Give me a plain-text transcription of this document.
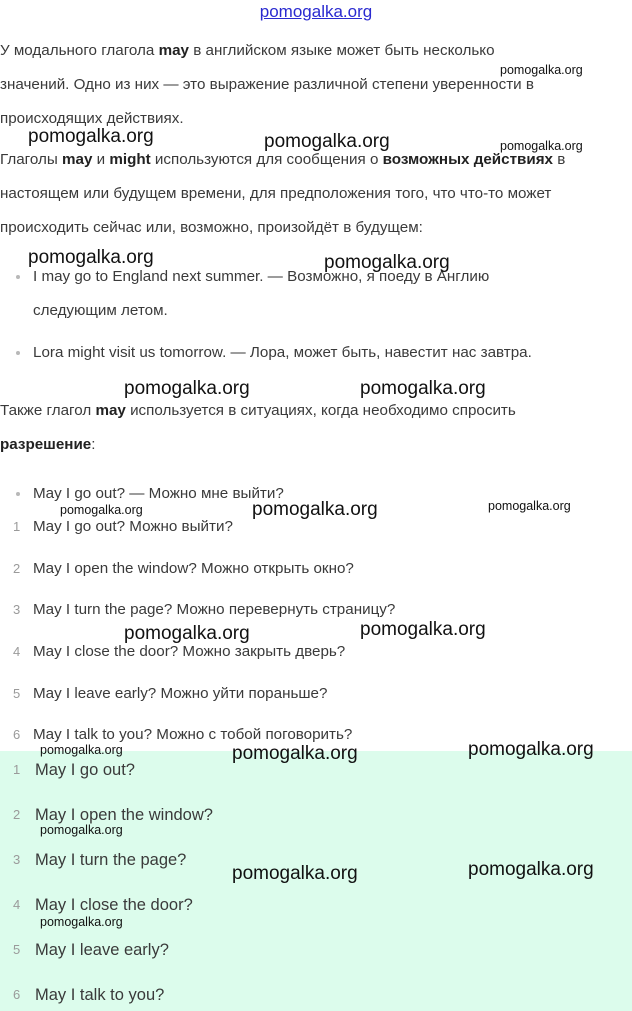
pomogalka.org

У модального глагола may в английском языке может быть несколько

значений. Одно из них — это выражение различной степени уверенности в

происходящих действиях.

Глаголы may и might используются для сообщения о возможных действиях в

настоящем или будущем времени, для предположения того, что что-то может

происходить сейчас или, возможно, произойдёт в будущем:

I may go to England next summer. — Возможно, я поеду в Англию
следующим летом.
Lora might visit us tomorrow. — Лора, может быть, навестит нас завтра.

Также глагол may используется в ситуациях, когда необходимо спросить

разрешение:

May I go out? — Можно мне выйти?
1 May I go out? Можно выйти?
2 May I open the window? Можно открыть окно?
3 May I turn the page? Можно перевернуть страницу?
4 May I close the door? Можно закрыть дверь?
5 May I leave early? Можно уйти пораньше?
6 May I talk to you? Можно с тобой поговорить?
1 May I go out?
2 May I open the window?
3 May I turn the page?
4 May I close the door?
5 May I leave early?
6 May I talk to you?
pomogalka.org
pomogalka.org	pomogalka.org	pomogalka.org
pomogalka.org	pomogalka.org
pomogalka.org	pomogalka.org
pomogalka.org	pomogalka.org	pomogalka.org
pomogalka.org	pomogalka.org
pomogalka.org	pomogalka.org	pomogalka.org
pomogalka.org
pomogalka.org	pomogalka.org
pomogalka.org
